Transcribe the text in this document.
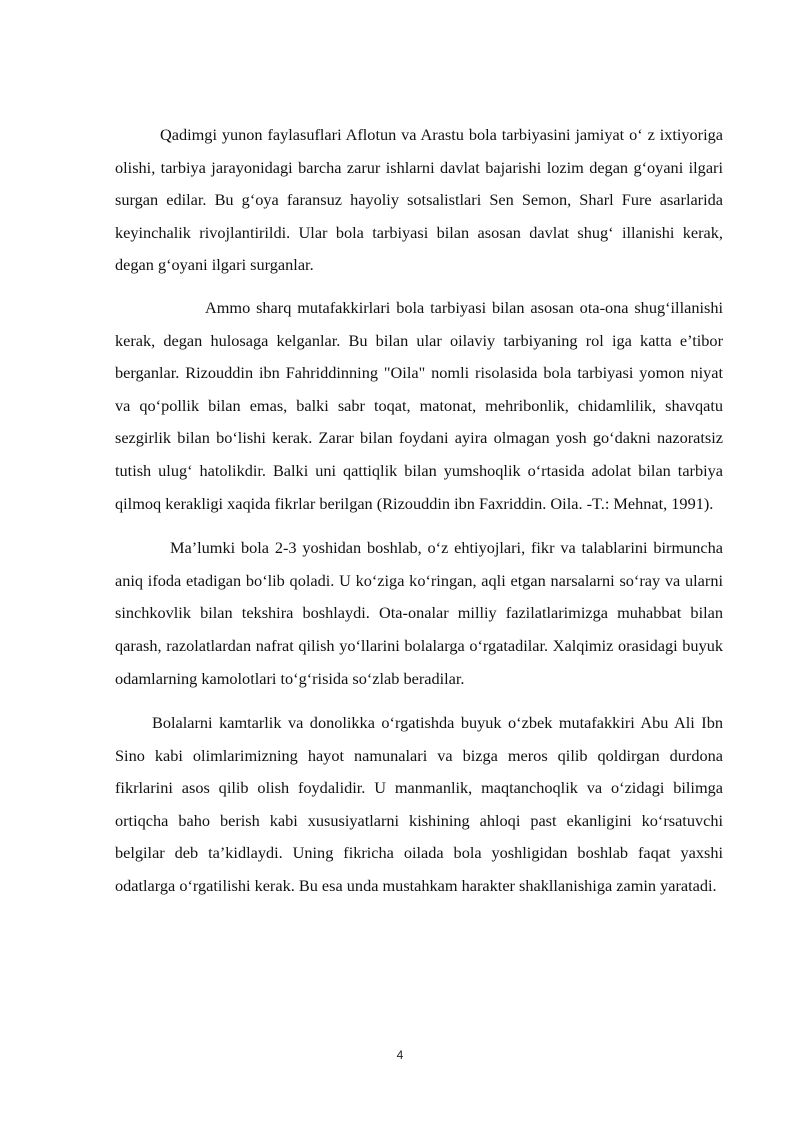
Qadimgi yunon faylasuflari Aflotun va Arastu bola tarbiyasini jamiyat o‘ z ixtiyoriga olishi, tarbiya jarayonidagi barcha zarur ishlarni davlat bajarishi lozim degan g‘oyani ilgari surgan edilar. Bu g‘oya faransuz hayoliy sotsalistlari Sen Semon, Sharl Fure asarlarida keyinchalik rivojlantirildi. Ular bola tarbiyasi bilan asosan davlat shug‘ illanishi kerak, degan g‘oyani ilgari surganlar.

Ammo sharq mutafakkirlari bola tarbiyasi bilan asosan ota-ona shug‘illanishi kerak, degan hulosaga kelganlar. Bu bilan ular oilaviy tarbiyaning rol iga katta e’tibor berganlar. Rizouddin ibn Fahriddinning "Oila" nomli risolasida bola tarbiyasi yomon niyat va qo‘pollik bilan emas, balki sabr toqat, matonat, mehribonlik, chidamlilik, shavqatu sezgirlik bilan bo‘lishi kerak. Zarar bilan foydani ayira olmagan yosh go‘dakni nazoratsiz tutish ulug‘ hatolikdir. Balki uni qattiqlik bilan yumshoqlik o‘rtasida adolat bilan tarbiya qilmoq kerakligi xaqida fikrlar berilgan (Rizouddin ibn Faxriddin. Oila. -T.: Mehnat, 1991).

Ma’lumki bola 2-3 yoshidan boshlab, o‘z ehtiyojlari, fikr va talablarini birmuncha aniq ifoda etadigan bo‘lib qoladi. U ko‘ziga ko‘ringan, aqli etgan narsalarni so‘ray va ularni sinchkovlik bilan tekshira boshlaydi. Ota-onalar milliy fazilatlarimizga muhabbat bilan qarash, razolatlardan nafrat qilish yo‘llarini bolalarga o‘rgatadilar. Xalqimiz orasidagi buyuk odamlarning kamolotlari to‘g‘risida so‘zlab beradilar.

Bolalarni kamtarlik va donolikka o‘rgatishda buyuk o‘zbek mutafakkiri Abu Ali Ibn Sino kabi olimlarimizning hayot namunalari va bizga meros qilib qoldirgan durdona fikrlarini asos qilib olish foydalidir. U manmanlik, maqtanchoqlik va o‘zidagi bilimga ortiqcha baho berish kabi xususiyatlarni kishining ahloqi past ekanligini ko‘rsatuvchi belgilar deb ta’kidlaydi. Uning fikricha oilada bola yoshligidan boshlab faqat yaxshi odatlarga o‘rgatilishi kerak. Bu esa unda mustahkam harakter shakllanishiga zamin yaratadi.

4
